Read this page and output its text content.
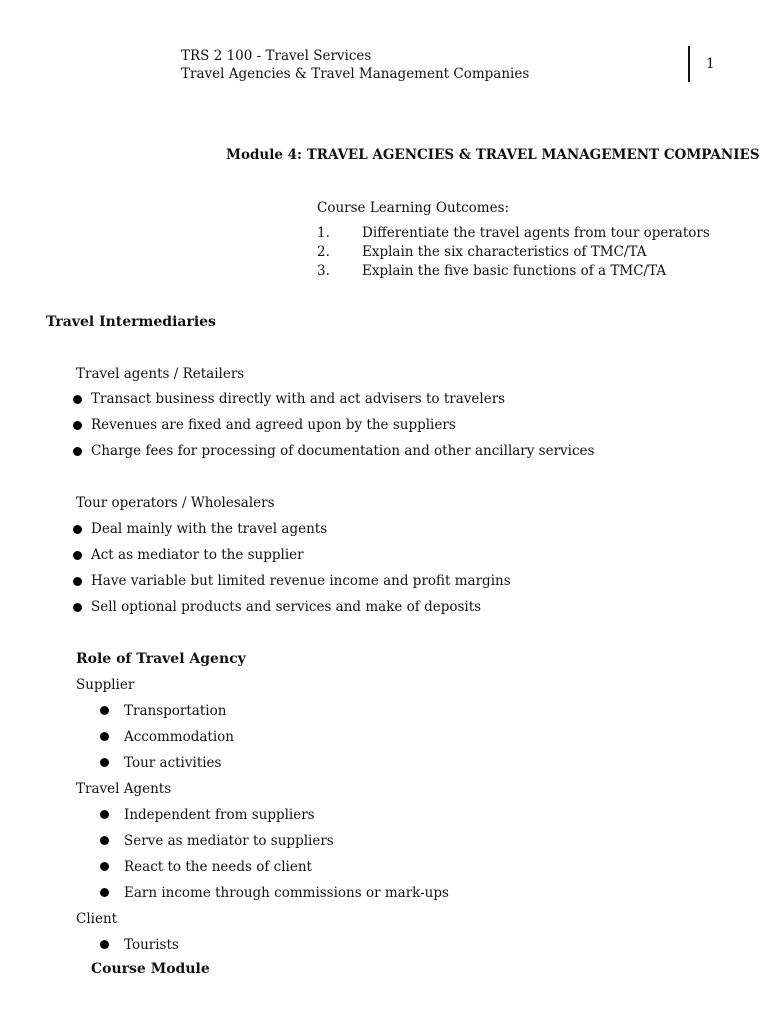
TRS 2 100 - Travel Services
Travel Agencies & Travel Management Companies
1
Module 4: TRAVEL AGENCIES & TRAVEL MANAGEMENT COMPANIES
Course Learning Outcomes:
1. Differentiate the travel agents from tour operators
2. Explain the six characteristics of TMC/TA
3. Explain the five basic functions of a TMC/TA
Travel Intermediaries
Travel agents / Retailers
Transact business directly with and act advisers to travelers
Revenues are fixed and agreed upon by the suppliers
Charge fees for processing of documentation and other ancillary services
Tour operators / Wholesalers
Deal mainly with the travel agents
Act as mediator to the supplier
Have variable but limited revenue income and profit margins
Sell optional products and services and make of deposits
Role of Travel Agency
Supplier
Transportation
Accommodation
Tour activities
Travel Agents
Independent from suppliers
Serve as mediator to suppliers
React to the needs of client
Earn income through commissions or mark-ups
Client
Tourists
Course Module
